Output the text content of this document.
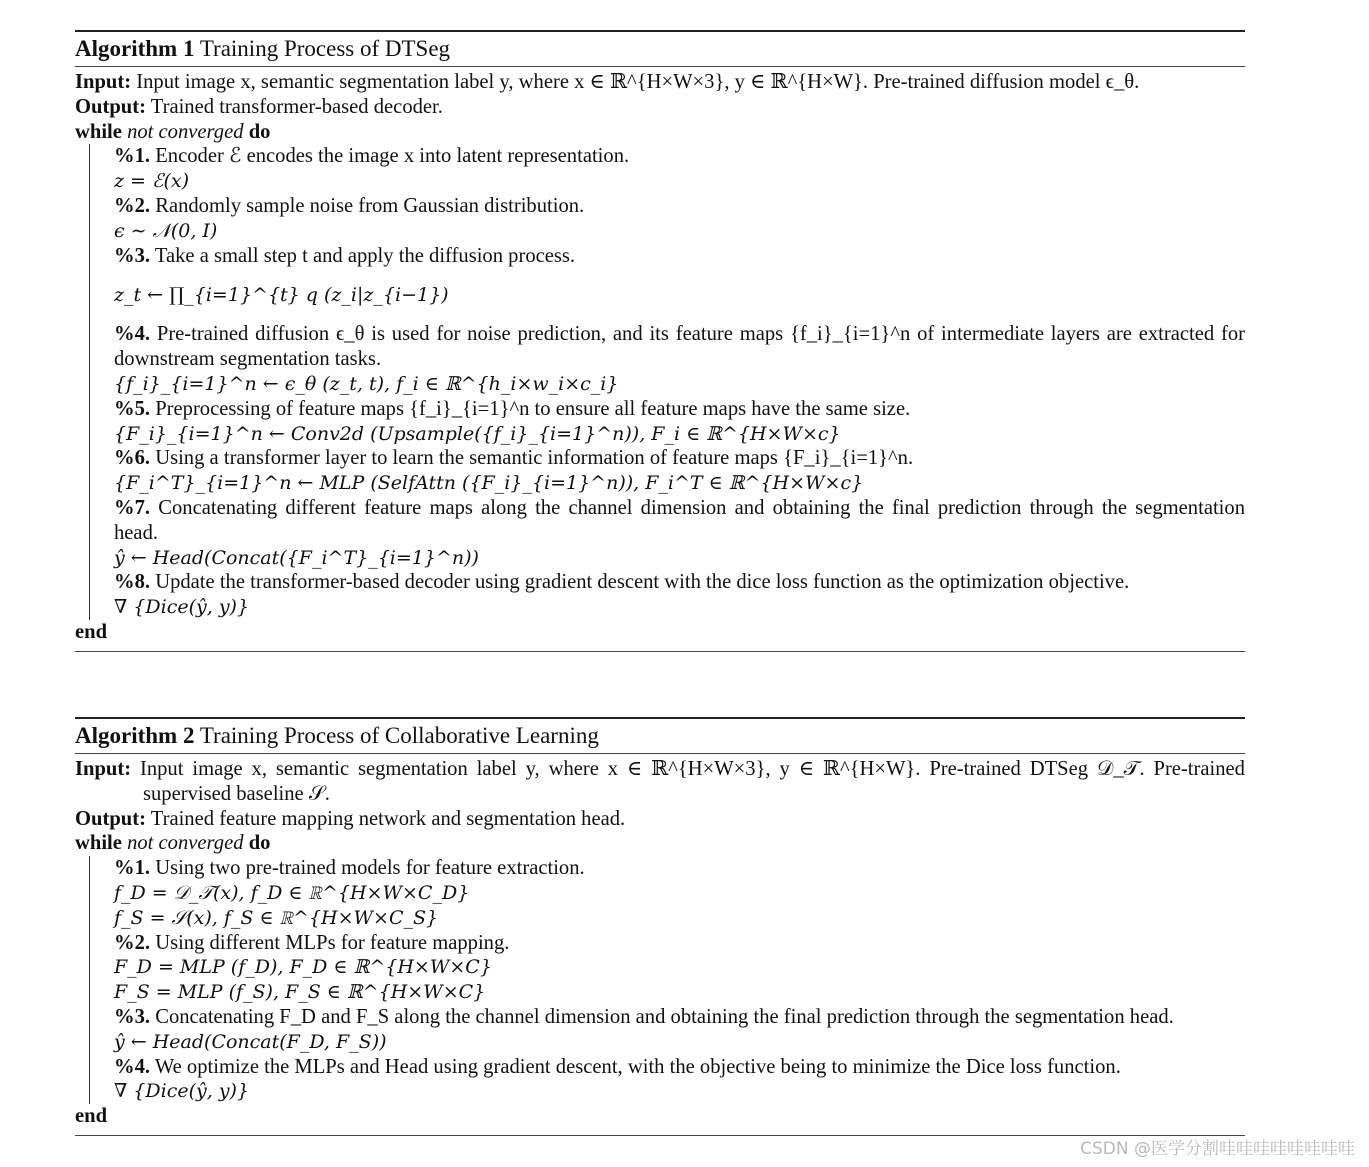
Algorithm 1 Training Process of DTSeg
Input: Input image x, semantic segmentation label y, where x ∈ ℝ^{H×W×3}, y ∈ ℝ^{H×W}. Pre-trained diffusion model ϵ_θ.
Output: Trained transformer-based decoder.
while not converged do
%1. Encoder ℰ encodes the image x into latent representation.
z = ℰ(x)
%2. Randomly sample noise from Gaussian distribution.
ϵ ∼ 𝒩(0, I)
%3. Take a small step t and apply the diffusion process.
z_t ← ∏_{i=1}^{t} q (z_i|z_{i−1})
%4. Pre-trained diffusion ϵ_θ is used for noise prediction, and its feature maps {f_i}_{i=1}^n of intermediate layers are extracted for downstream segmentation tasks.
{f_i}_{i=1}^n ← ϵ_θ (z_t, t), f_i ∈ ℝ^{h_i×w_i×c_i}
%5. Preprocessing of feature maps {f_i}_{i=1}^n to ensure all feature maps have the same size.
{F_i}_{i=1}^n ← Conv2d (Upsample({f_i}_{i=1}^n)), F_i ∈ ℝ^{H×W×c}
%6. Using a transformer layer to learn the semantic information of feature maps {F_i}_{i=1}^n.
{F_i^T}_{i=1}^n ← MLP (SelfAttn ({F_i}_{i=1}^n)), F_i^T ∈ ℝ^{H×W×c}
%7. Concatenating different feature maps along the channel dimension and obtaining the final prediction through the segmentation head.
ŷ ← Head(Concat({F_i^T}_{i=1}^n))
%8. Update the transformer-based decoder using gradient descent with the dice loss function as the optimization objective.
∇ {Dice(ŷ, y)}
end
Algorithm 2 Training Process of Collaborative Learning
Input: Input image x, semantic segmentation label y, where x ∈ ℝ^{H×W×3}, y ∈ ℝ^{H×W}. Pre-trained DTSeg 𝒟_𝒯. Pre-trained supervised baseline 𝒮.
Output: Trained feature mapping network and segmentation head.
while not converged do
%1. Using two pre-trained models for feature extraction.
f_D = 𝒟_𝒯(x), f_D ∈ ℝ^{H×W×C_D}
f_S = 𝒮(x), f_S ∈ ℝ^{H×W×C_S}
%2. Using different MLPs for feature mapping.
F_D = MLP (f_D), F_D ∈ ℝ^{H×W×C}
F_S = MLP (f_S), F_S ∈ ℝ^{H×W×C}
%3. Concatenating F_D and F_S along the channel dimension and obtaining the final prediction through the segmentation head.
ŷ ← Head(Concat(F_D, F_S))
%4. We optimize the MLPs and Head using gradient descent, with the objective being to minimize the Dice loss function.
∇ {Dice(ŷ, y)}
end
CSDN @医学分割哇哇哇哇哇哇哇哇
